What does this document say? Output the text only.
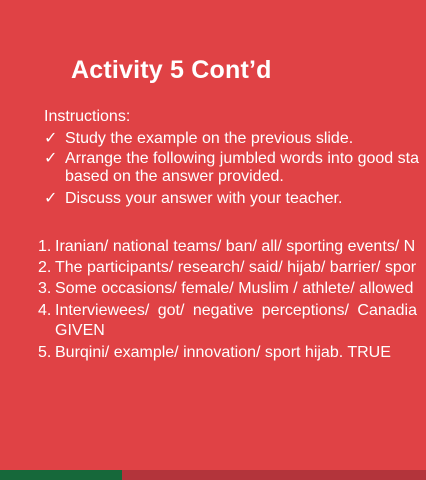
Activity 5 Cont’d
Instructions:
✓ Study the example on the previous slide.
✓ Arrange the following jumbled words into good sta
based on the answer provided.
✓ Discuss your answer with your teacher.
1. Iranian/ national teams/ ban/ all/ sporting events/ N
2. The participants/ research/ said/ hijab/ barrier/ spor
3. Some occasions/ female/ Muslim / athlete/ allowed
4. Interviewees/ got/ negative perceptions/ Canadia
GIVEN
5. Burqini/ example/ innovation/ sport hijab. TRUE
